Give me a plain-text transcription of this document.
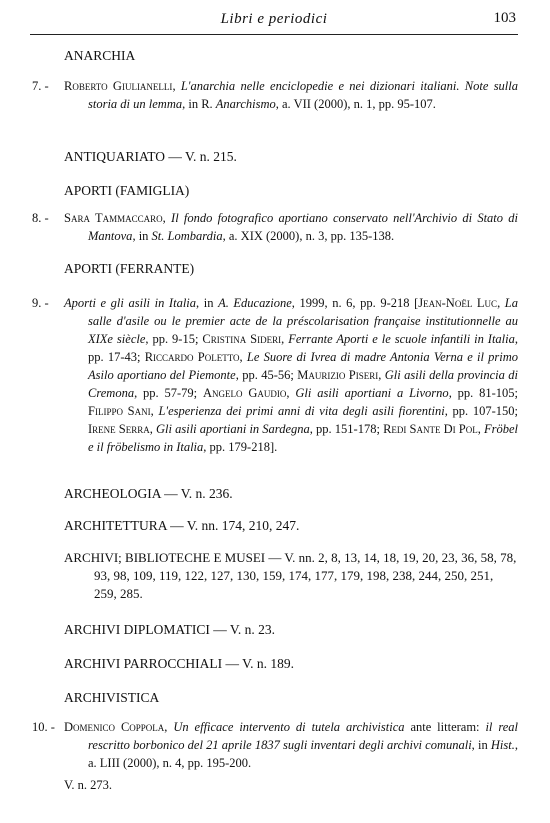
Libri e periodici	103
ANARCHIA
7. -	Roberto Giulianelli, L'anarchia nelle enciclopedie e nei dizionari italiani. Note sulla storia di un lemma, in R. Anarchismo, a. VII (2000), n. 1, pp. 95-107.
ANTIQUARIATO — V. n. 215.
APORTI (FAMIGLIA)
8. -	Sara Tammaccaro, Il fondo fotografico aportiano conservato nell'Archivio di Stato di Mantova, in St. Lombardia, a. XIX (2000), n. 3, pp. 135-138.
APORTI (FERRANTE)
9. -	Aporti e gli asili in Italia, in A. Educazione, 1999, n. 6, pp. 9-218 [Jean-Noël Luc, La salle d'asile ou le premier acte de la préscolarisation française institutionnelle au XIXe siècle, pp. 9-15; Cristina Sideri, Ferrante Aporti e le scuole infantili in Italia, pp. 17-43; Riccardo Poletto, Le Suore di Ivrea di madre Antonia Verna e il primo Asilo aportiano del Piemonte, pp. 45-56; Maurizio Piseri, Gli asili della provincia di Cremona, pp. 57-79; Angelo Gaudio, Gli asili aportiani a Livorno, pp. 81-105; Filippo Sani, L'esperienza dei primi anni di vita degli asili fiorentini, pp. 107-150; Irene Serra, Gli asili aportiani in Sardegna, pp. 151-178; Redi Sante Di Pol, Fröbel e il fröbelismo in Italia, pp. 179-218].
ARCHEOLOGIA — V. n. 236.
ARCHITETTURA — V. nn. 174, 210, 247.
ARCHIVI; BIBLIOTECHE E MUSEI — V. nn. 2, 8, 13, 14, 18, 19, 20, 23, 36, 58, 78, 93, 98, 109, 119, 122, 127, 130, 159, 174, 177, 179, 198, 238, 244, 250, 251, 259, 285.
ARCHIVI DIPLOMATICI — V. n. 23.
ARCHIVI PARROCCHIALI — V. n. 189.
ARCHIVISTICA
10. - Domenico Coppola, Un efficace intervento di tutela archivistica ante litteram: il real rescritto borbonico del 21 aprile 1837 sugli inventari degli archivi comunali, in Hist., a. LIII (2000), n. 4, pp. 195-200.
V. n. 273.
